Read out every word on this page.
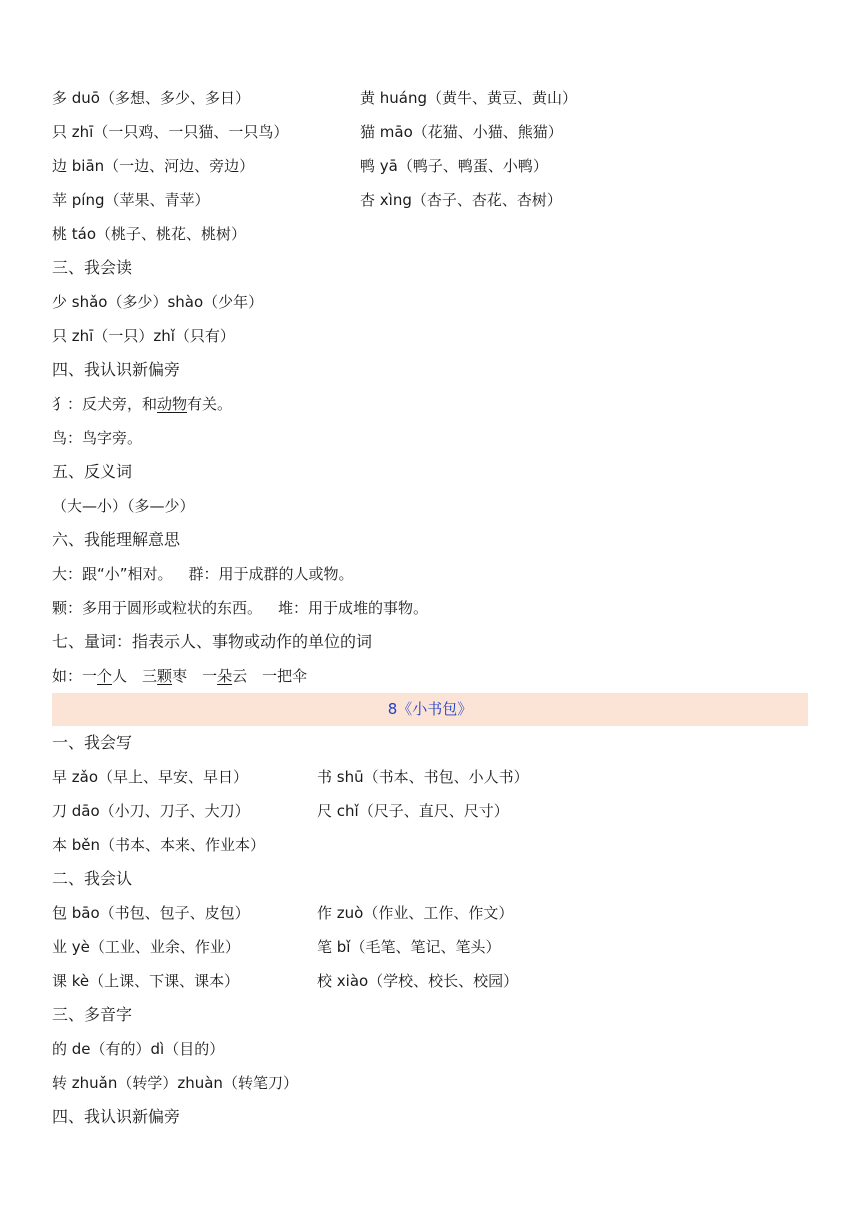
多 duō（多想、多少、多日）	黄 huáng（黄牛、黄豆、黄山）
只 zhī（一只鸡、一只猫、一只鸟）	猫 māo（花猫、小猫、熊猫）
边 biān（一边、河边、旁边）	鸭 yā（鸭子、鸭蛋、小鸭）
苹 píng（苹果、青苹）	杏 xìng（杏子、杏花、杏树）
桃 táo（桃子、桃花、桃树）
三、我会读
少 shǎo（多少）shào（少年）
只 zhī（一只）zhǐ（只有）
四、我认识新偏旁
犭：反犬旁，和动物有关。
鸟：鸟字旁。
五、反义词
（大—小）（多—少）
六、我能理解意思
大：跟“小”相对。 群：用于成群的人或物。
颗：多用于圆形或粒状的东西。 堆：用于成堆的事物。
七、量词：指表示人、事物或动作的单位的词
如：一个人　三颗枣　一朵云　一把伞
8《小书包》
一、我会写
早 zǎo（早上、早安、早日）	书 shū（书本、书包、小人书）
刀 dāo（小刀、刀子、大刀）	尺 chǐ（尺子、直尺、尺寸）
本 běn（书本、本来、作业本）
二、我会认
包 bāo（书包、包子、皮包）	作 zuò（作业、工作、作文）
业 yè（工业、业余、作业）	笔 bǐ（毛笔、笔记、笔头）
课 kè（上课、下课、课本）	校 xiào（学校、校长、校园）
三、多音字
的 de（有的）dì（目的）
转 zhuǎn（转学）zhuàn（转笔刀）
四、我认识新偏旁
